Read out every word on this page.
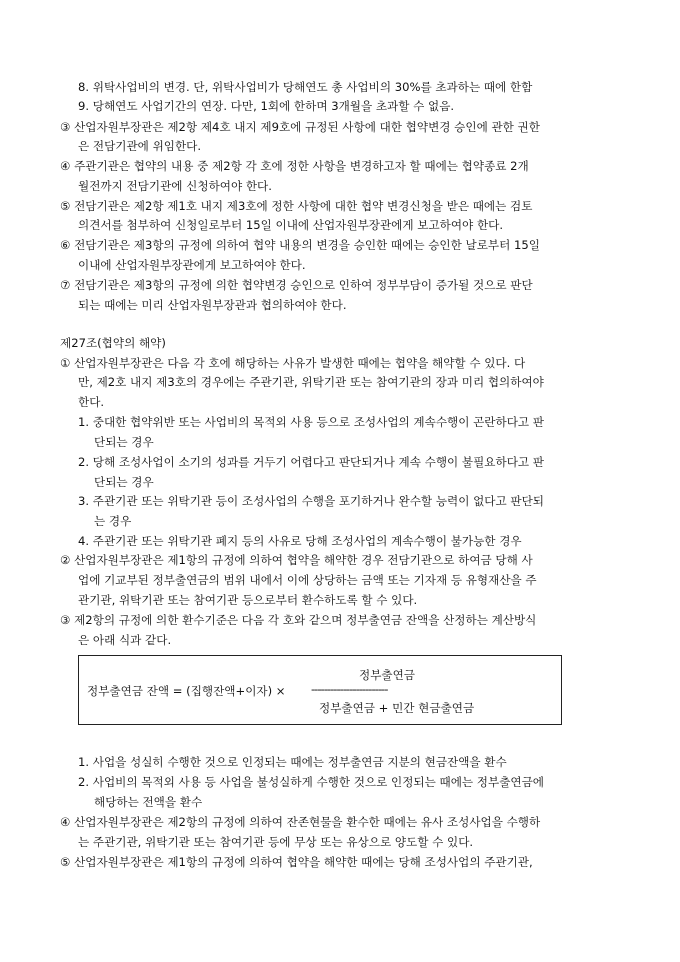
8. 위탁사업비의 변경. 단, 위탁사업비가 당해연도 총 사업비의 30%를 초과하는 때에 한함
9. 당해연도 사업기간의 연장. 다만, 1회에 한하며 3개월을 초과할 수 없음.
③ 산업자원부장관은 제2항 제4호 내지 제9호에 규정된 사항에 대한 협약변경 승인에 관한 권한
은 전담기관에 위임한다.
④ 주관기관은 협약의 내용 중 제2항 각 호에 정한 사항을 변경하고자 할 때에는 협약종료 2개
월전까지 전담기관에 신청하여야 한다.
⑤ 전담기관은 제2항 제1호 내지 제3호에 정한 사항에 대한 협약 변경신청을 받은 때에는 검토
의견서를 첨부하여 신청일로부터 15일 이내에 산업자원부장관에게 보고하여야 한다.
⑥ 전담기관은 제3항의 규정에 의하여 협약 내용의 변경을 승인한 때에는 승인한 날로부터 15일
이내에 산업자원부장관에게 보고하여야 한다.
⑦ 전담기관은 제3항의 규정에 의한 협약변경 승인으로 인하여 정부부담이 증가될 것으로 판단
되는 때에는 미리 산업자원부장관과 협의하여야 한다.
제27조(협약의 해약)
① 산업자원부장관은 다음 각 호에 해당하는 사유가 발생한 때에는 협약을 해약할 수 있다. 다
만, 제2호 내지 제3호의 경우에는 주관기관, 위탁기관 또는 참여기관의 장과 미리 협의하여야
한다.
1. 중대한 협약위반 또는 사업비의 목적외 사용 등으로 조성사업의 계속수행이 곤란하다고 판
단되는 경우
2. 당해 조성사업이 소기의 성과를 거두기 어렵다고 판단되거나 계속 수행이 불필요하다고 판
단되는 경우
3. 주관기관 또는 위탁기관 등이 조성사업의 수행을 포기하거나 완수할 능력이 없다고 판단되
는 경우
4. 주관기관 또는 위탁기관 폐지 등의 사유로 당해 조성사업의 계속수행이 불가능한 경우
② 산업자원부장관은 제1항의 규정에 의하여 협약을 해약한 경우 전담기관으로 하여금 당해 사
업에 기교부된 정부출연금의 범위 내에서 이에 상당하는 금액 또는 기자재 등 유형재산을 주
관기관, 위탁기관 또는 참여기관 등으로부터 환수하도록 할 수 있다.
③ 제2항의 규정에 의한 환수기준은 다음 각 호와 같으며 정부출연금 잔액을 산정하는 계산방식
은 아래 식과 같다.
정부출연금
정부출연금 잔액 = (집행잔액+이자) × ------------------------
정부출연금 + 민간 현금출연금
1. 사업을 성실히 수행한 것으로 인정되는 때에는 정부출연금 지분의 현금잔액을 환수
2. 사업비의 목적외 사용 등 사업을 불성실하게 수행한 것으로 인정되는 때에는 정부출연금에
해당하는 전액을 환수
④ 산업자원부장관은 제2항의 규정에 의하여 잔존현물을 환수한 때에는 유사 조성사업을 수행하
는 주관기관, 위탁기관 또는 참여기관 등에 무상 또는 유상으로 양도할 수 있다.
⑤ 산업자원부장관은 제1항의 규정에 의하여 협약을 해약한 때에는 당해 조성사업의 주관기관,
